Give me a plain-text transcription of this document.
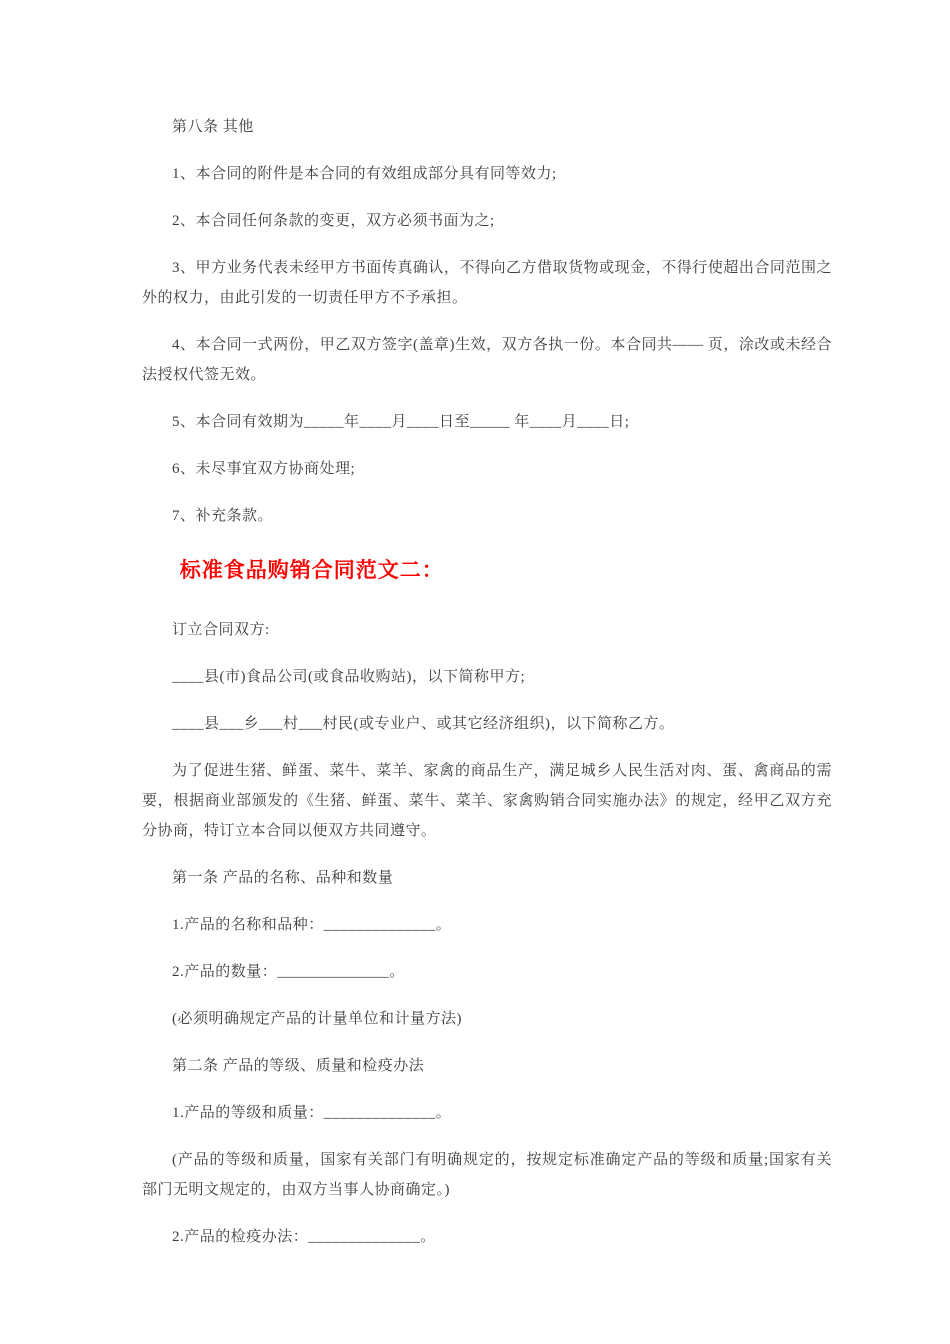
第八条 其他

1、本合同的附件是本合同的有效组成部分具有同等效力;

2、本合同任何条款的变更，双方必须书面为之;

3、甲方业务代表未经甲方书面传真确认，不得向乙方借取货物或现金，不得行使超出合同范围之外的权力，由此引发的一切责任甲方不予承担。

4、本合同一式两份，甲乙双方签字(盖章)生效，双方各执一份。本合同共—— 页，涂改或未经合法授权代签无效。

5、本合同有效期为_____年____月____日至_____ 年____月____日;

6、未尽事宜双方协商处理;

7、补充条款。

标准食品购销合同范文二：

订立合同双方:

____县(市)食品公司(或食品收购站)，以下简称甲方;

____县___乡___村___村民(或专业户、或其它经济组织)，以下简称乙方。

为了促进生猪、鲜蛋、菜牛、菜羊、家禽的商品生产，满足城乡人民生活对肉、蛋、禽商品的需要，根据商业部颁发的《生猪、鲜蛋、菜牛、菜羊、家禽购销合同实施办法》的规定，经甲乙双方充分协商，特订立本合同以便双方共同遵守。

第一条 产品的名称、品种和数量

1.产品的名称和品种：______________。

2.产品的数量：______________。

(必须明确规定产品的计量单位和计量方法)

第二条 产品的等级、质量和检疫办法

1.产品的等级和质量：______________。

(产品的等级和质量，国家有关部门有明确规定的，按规定标准确定产品的等级和质量;国家有关部门无明文规定的，由双方当事人协商确定。)

2.产品的检疫办法：______________。
